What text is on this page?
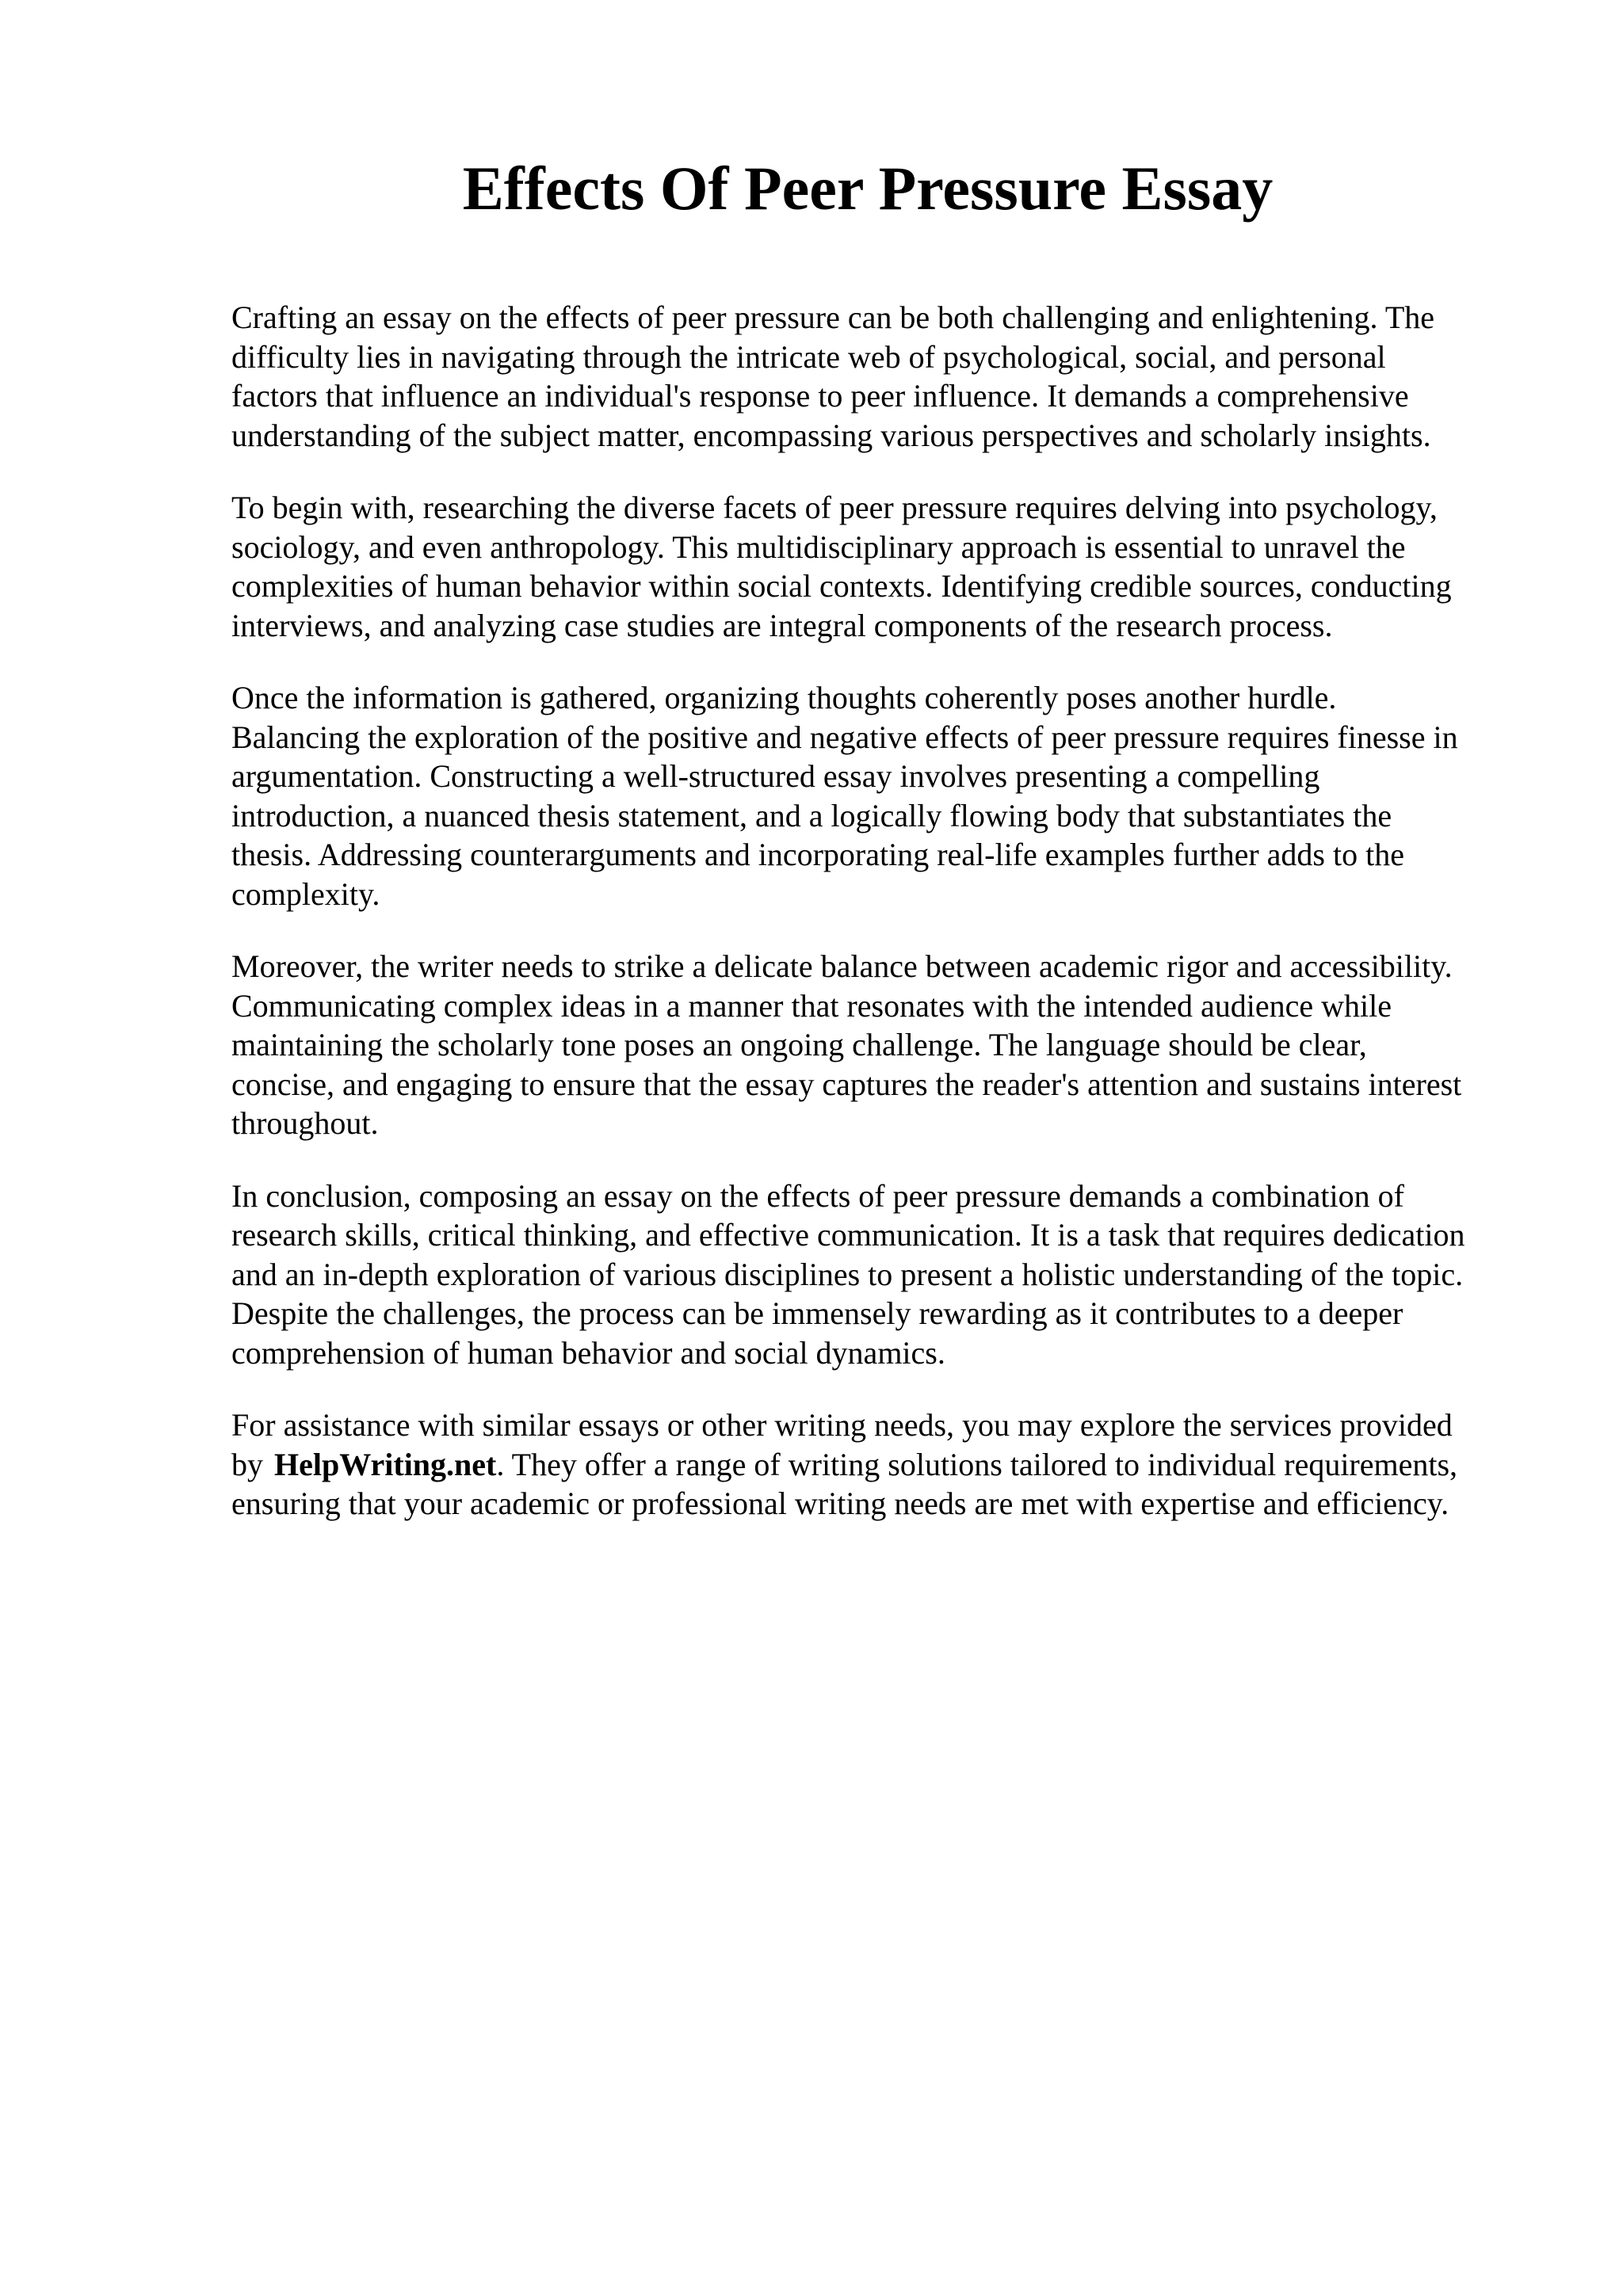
Effects Of Peer Pressure Essay

Crafting an essay on the effects of peer pressure can be both challenging and enlightening. The
difficulty lies in navigating through the intricate web of psychological, social, and personal
factors that influence an individual's response to peer influence. It demands a comprehensive
understanding of the subject matter, encompassing various perspectives and scholarly insights.

To begin with, researching the diverse facets of peer pressure requires delving into psychology,
sociology, and even anthropology. This multidisciplinary approach is essential to unravel the
complexities of human behavior within social contexts. Identifying credible sources, conducting
interviews, and analyzing case studies are integral components of the research process.

Once the information is gathered, organizing thoughts coherently poses another hurdle.
Balancing the exploration of the positive and negative effects of peer pressure requires finesse in
argumentation. Constructing a well-structured essay involves presenting a compelling
introduction, a nuanced thesis statement, and a logically flowing body that substantiates the
thesis. Addressing counterarguments and incorporating real-life examples further adds to the
complexity.

Moreover, the writer needs to strike a delicate balance between academic rigor and accessibility.
Communicating complex ideas in a manner that resonates with the intended audience while
maintaining the scholarly tone poses an ongoing challenge. The language should be clear,
concise, and engaging to ensure that the essay captures the reader's attention and sustains interest
throughout.

In conclusion, composing an essay on the effects of peer pressure demands a combination of
research skills, critical thinking, and effective communication. It is a task that requires dedication
and an in-depth exploration of various disciplines to present a holistic understanding of the topic.
Despite the challenges, the process can be immensely rewarding as it contributes to a deeper
comprehension of human behavior and social dynamics.

For assistance with similar essays or other writing needs, you may explore the services provided
by HelpWriting.net. They offer a range of writing solutions tailored to individual requirements,
ensuring that your academic or professional writing needs are met with expertise and efficiency.
